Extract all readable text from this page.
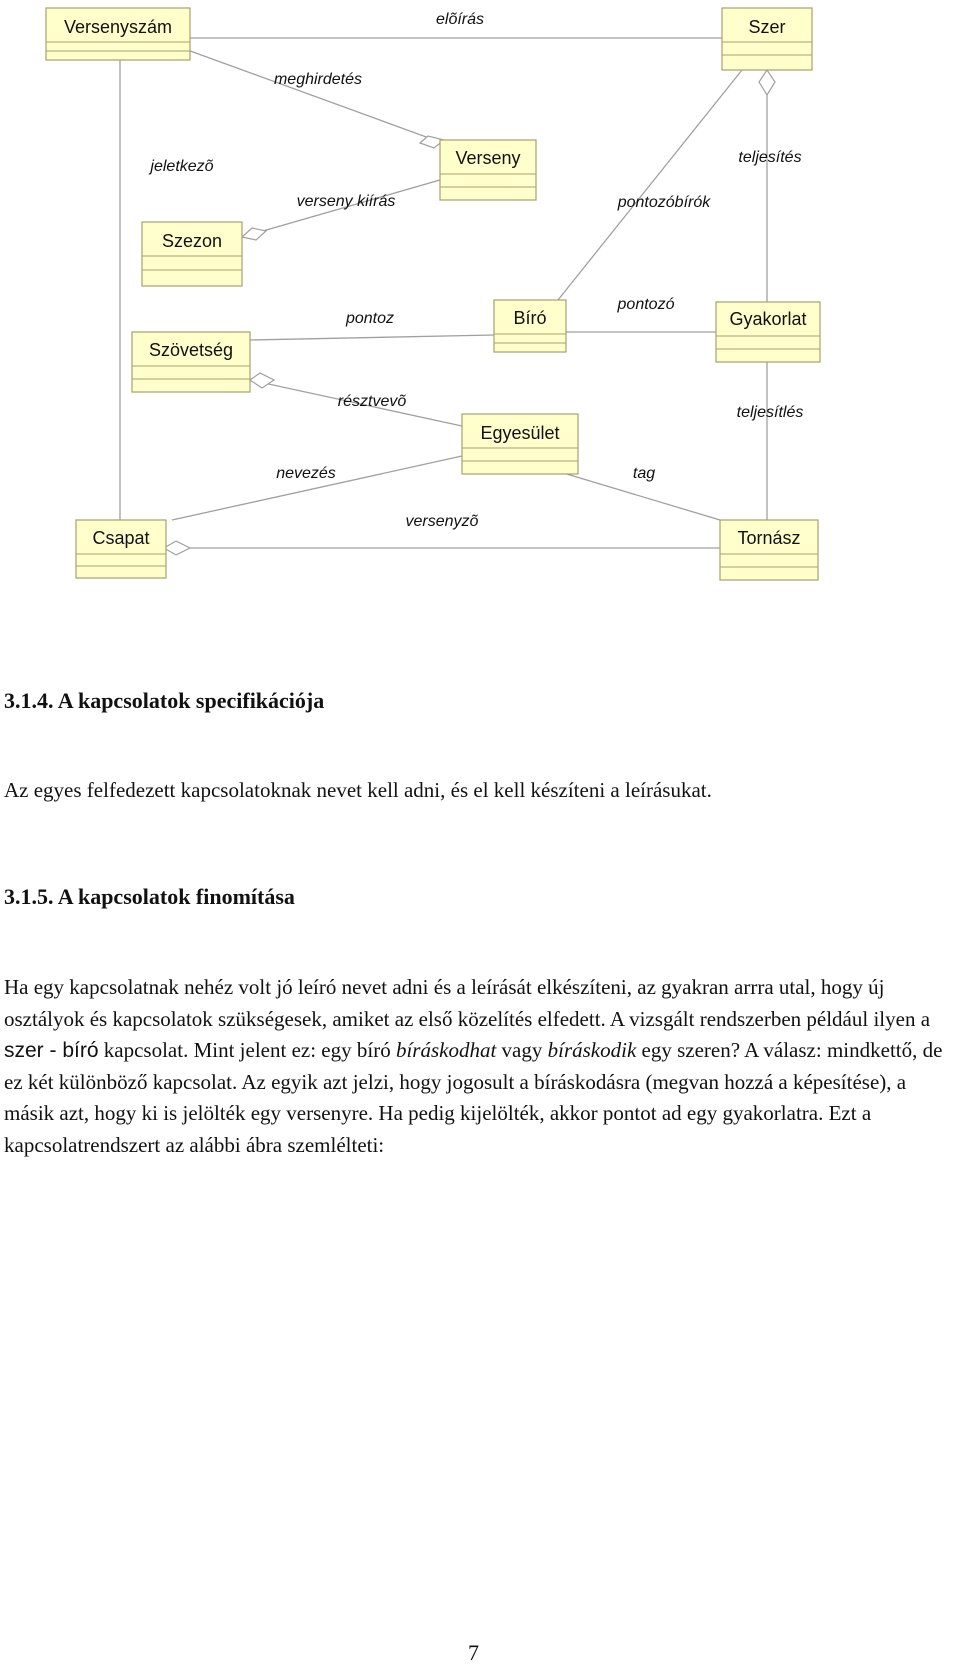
Versenyszám	Szer
Verseny
Szezon
Bíró	Gyakorlat
Szövetség
Egyesület
Csapat	Tornász
elõírás
meghirdetés
jeletkezõ
teljesítés
verseny kiírás	pontozóbírók
pontoz
pontozó
résztvevõ
teljesítlés
nevezés	tag
versenyzõ
3.1.4. A kapcsolatok specifikációja

Az egyes felfedezett kapcsolatoknak nevet kell adni, és el kell készíteni a leírásukat.

3.1.5. A kapcsolatok finomítása

Ha egy kapcsolatnak nehéz volt jó leíró nevet adni és a leírását elkészíteni, az gyakran arrra utal, hogy új osztályok és kapcsolatok szükségesek, amiket az első közelítés elfedett. A vizsgált rendszerben például ilyen a szer - bíró kapcsolat. Mint jelent ez: egy bíró bíráskodhat vagy bíráskodik egy szeren? A válasz: mindkettő, de ez két különböző kapcsolat. Az egyik azt jelzi, hogy jogosult a bíráskodásra (megvan hozzá a képesítése), a másik azt, hogy ki is jelölték egy versenyre. Ha pedig kijelölték, akkor pontot ad egy gyakorlatra. Ezt a kapcsolatrendszert az alábbi ábra szemlélteti:

7
